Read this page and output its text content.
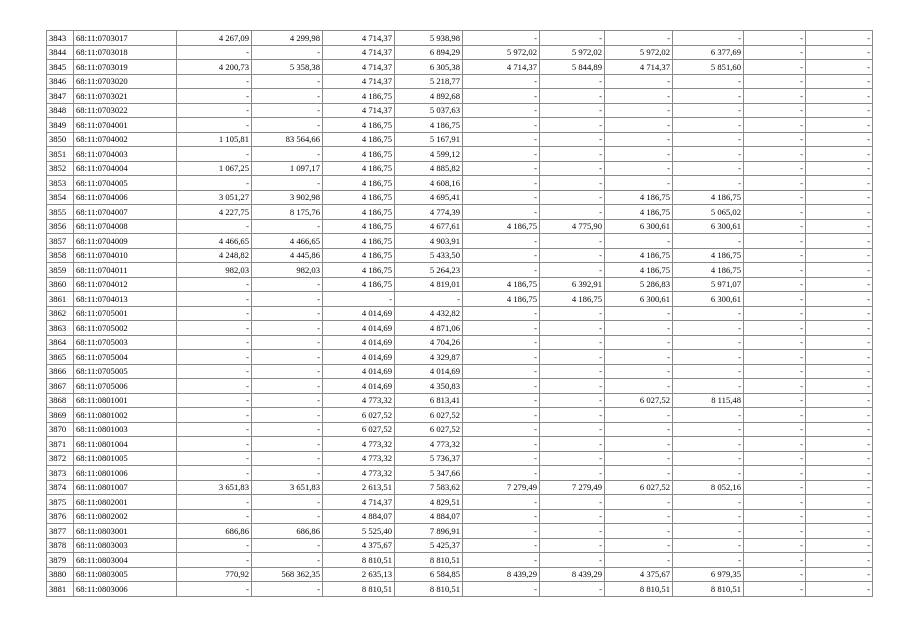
3843	68:11:0703017	4 267,09	4 299,98	4 714,37	5 938,98	-	-	-	-	-	-
3844	68:11:0703018	-	-	4 714,37	6 894,29	5 972,02	5 972,02	5 972,02	6 377,69	-	-
3845	68:11:0703019	4 200,73	5 358,38	4 714,37	6 305,38	4 714,37	5 844,89	4 714,37	5 851,60	-	-
3846	68:11:0703020	-	-	4 714,37	5 218,77	-	-	-	-	-	-
3847	68:11:0703021	-	-	4 186,75	4 892,68	-	-	-	-	-	-
3848	68:11:0703022	-	-	4 714,37	5 037,63	-	-	-	-	-	-
3849	68:11:0704001	-	-	4 186,75	4 186,75	-	-	-	-	-	-
3850	68:11:0704002	1 105,81	83 564,66	4 186,75	5 167,91	-	-	-	-	-	-
3851	68:11:0704003	-	-	4 186,75	4 599,12	-	-	-	-	-	-
3852	68:11:0704004	1 067,25	1 097,17	4 186,75	4 885,82	-	-	-	-	-	-
3853	68:11:0704005	-	-	4 186,75	4 608,16	-	-	-	-	-	-
3854	68:11:0704006	3 051,27	3 902,98	4 186,75	4 695,41	-	-	4 186,75	4 186,75	-	-
3855	68:11:0704007	4 227,75	8 175,76	4 186,75	4 774,39	-	-	4 186,75	5 065,02	-	-
3856	68:11:0704008	-	-	4 186,75	4 677,61	4 186,75	4 775,90	6 300,61	6 300,61	-	-
3857	68:11:0704009	4 466,65	4 466,65	4 186,75	4 903,91	-	-	-	-	-	-
3858	68:11:0704010	4 248,82	4 445,86	4 186,75	5 433,50	-	-	4 186,75	4 186,75	-	-
3859	68:11:0704011	982,03	982,03	4 186,75	5 264,23	-	-	4 186,75	4 186,75	-	-
3860	68:11:0704012	-	-	4 186,75	4 819,01	4 186,75	6 392,91	5 286,83	5 971,07	-	-
3861	68:11:0704013	-	-	-	-	4 186,75	4 186,75	6 300,61	6 300,61	-	-
3862	68:11:0705001	-	-	4 014,69	4 432,82	-	-	-	-	-	-
3863	68:11:0705002	-	-	4 014,69	4 871,06	-	-	-	-	-	-
3864	68:11:0705003	-	-	4 014,69	4 704,26	-	-	-	-	-	-
3865	68:11:0705004	-	-	4 014,69	4 329,87	-	-	-	-	-	-
3866	68:11:0705005	-	-	4 014,69	4 014,69	-	-	-	-	-	-
3867	68:11:0705006	-	-	4 014,69	4 350,83	-	-	-	-	-	-
3868	68:11:0801001	-	-	4 773,32	6 813,41	-	-	6 027,52	8 115,48	-	-
3869	68:11:0801002	-	-	6 027,52	6 027,52	-	-	-	-	-	-
3870	68:11:0801003	-	-	6 027,52	6 027,52	-	-	-	-	-	-
3871	68:11:0801004	-	-	4 773,32	4 773,32	-	-	-	-	-	-
3872	68:11:0801005	-	-	4 773,32	5 736,37	-	-	-	-	-	-
3873	68:11:0801006	-	-	4 773,32	5 347,66	-	-	-	-	-	-
3874	68:11:0801007	3 651,83	3 651,83	2 613,51	7 583,62	7 279,49	7 279,49	6 027,52	8 052,16	-	-
3875	68:11:0802001	-	-	4 714,37	4 829,51	-	-	-	-	-	-
3876	68:11:0802002	-	-	4 884,07	4 884,07	-	-	-	-	-	-
3877	68:11:0803001	686,86	686,86	5 525,40	7 896,91	-	-	-	-	-	-
3878	68:11:0803003	-	-	4 375,67	5 425,37	-	-	-	-	-	-
3879	68:11:0803004	-	-	8 810,51	8 810,51	-	-	-	-	-	-
3880	68:11:0803005	770,92	568 362,35	2 635,13	6 584,85	8 439,29	8 439,29	4 375,67	6 979,35	-	-
3881	68:11:0803006	-	-	8 810,51	8 810,51	-	-	8 810,51	8 810,51	-	-
